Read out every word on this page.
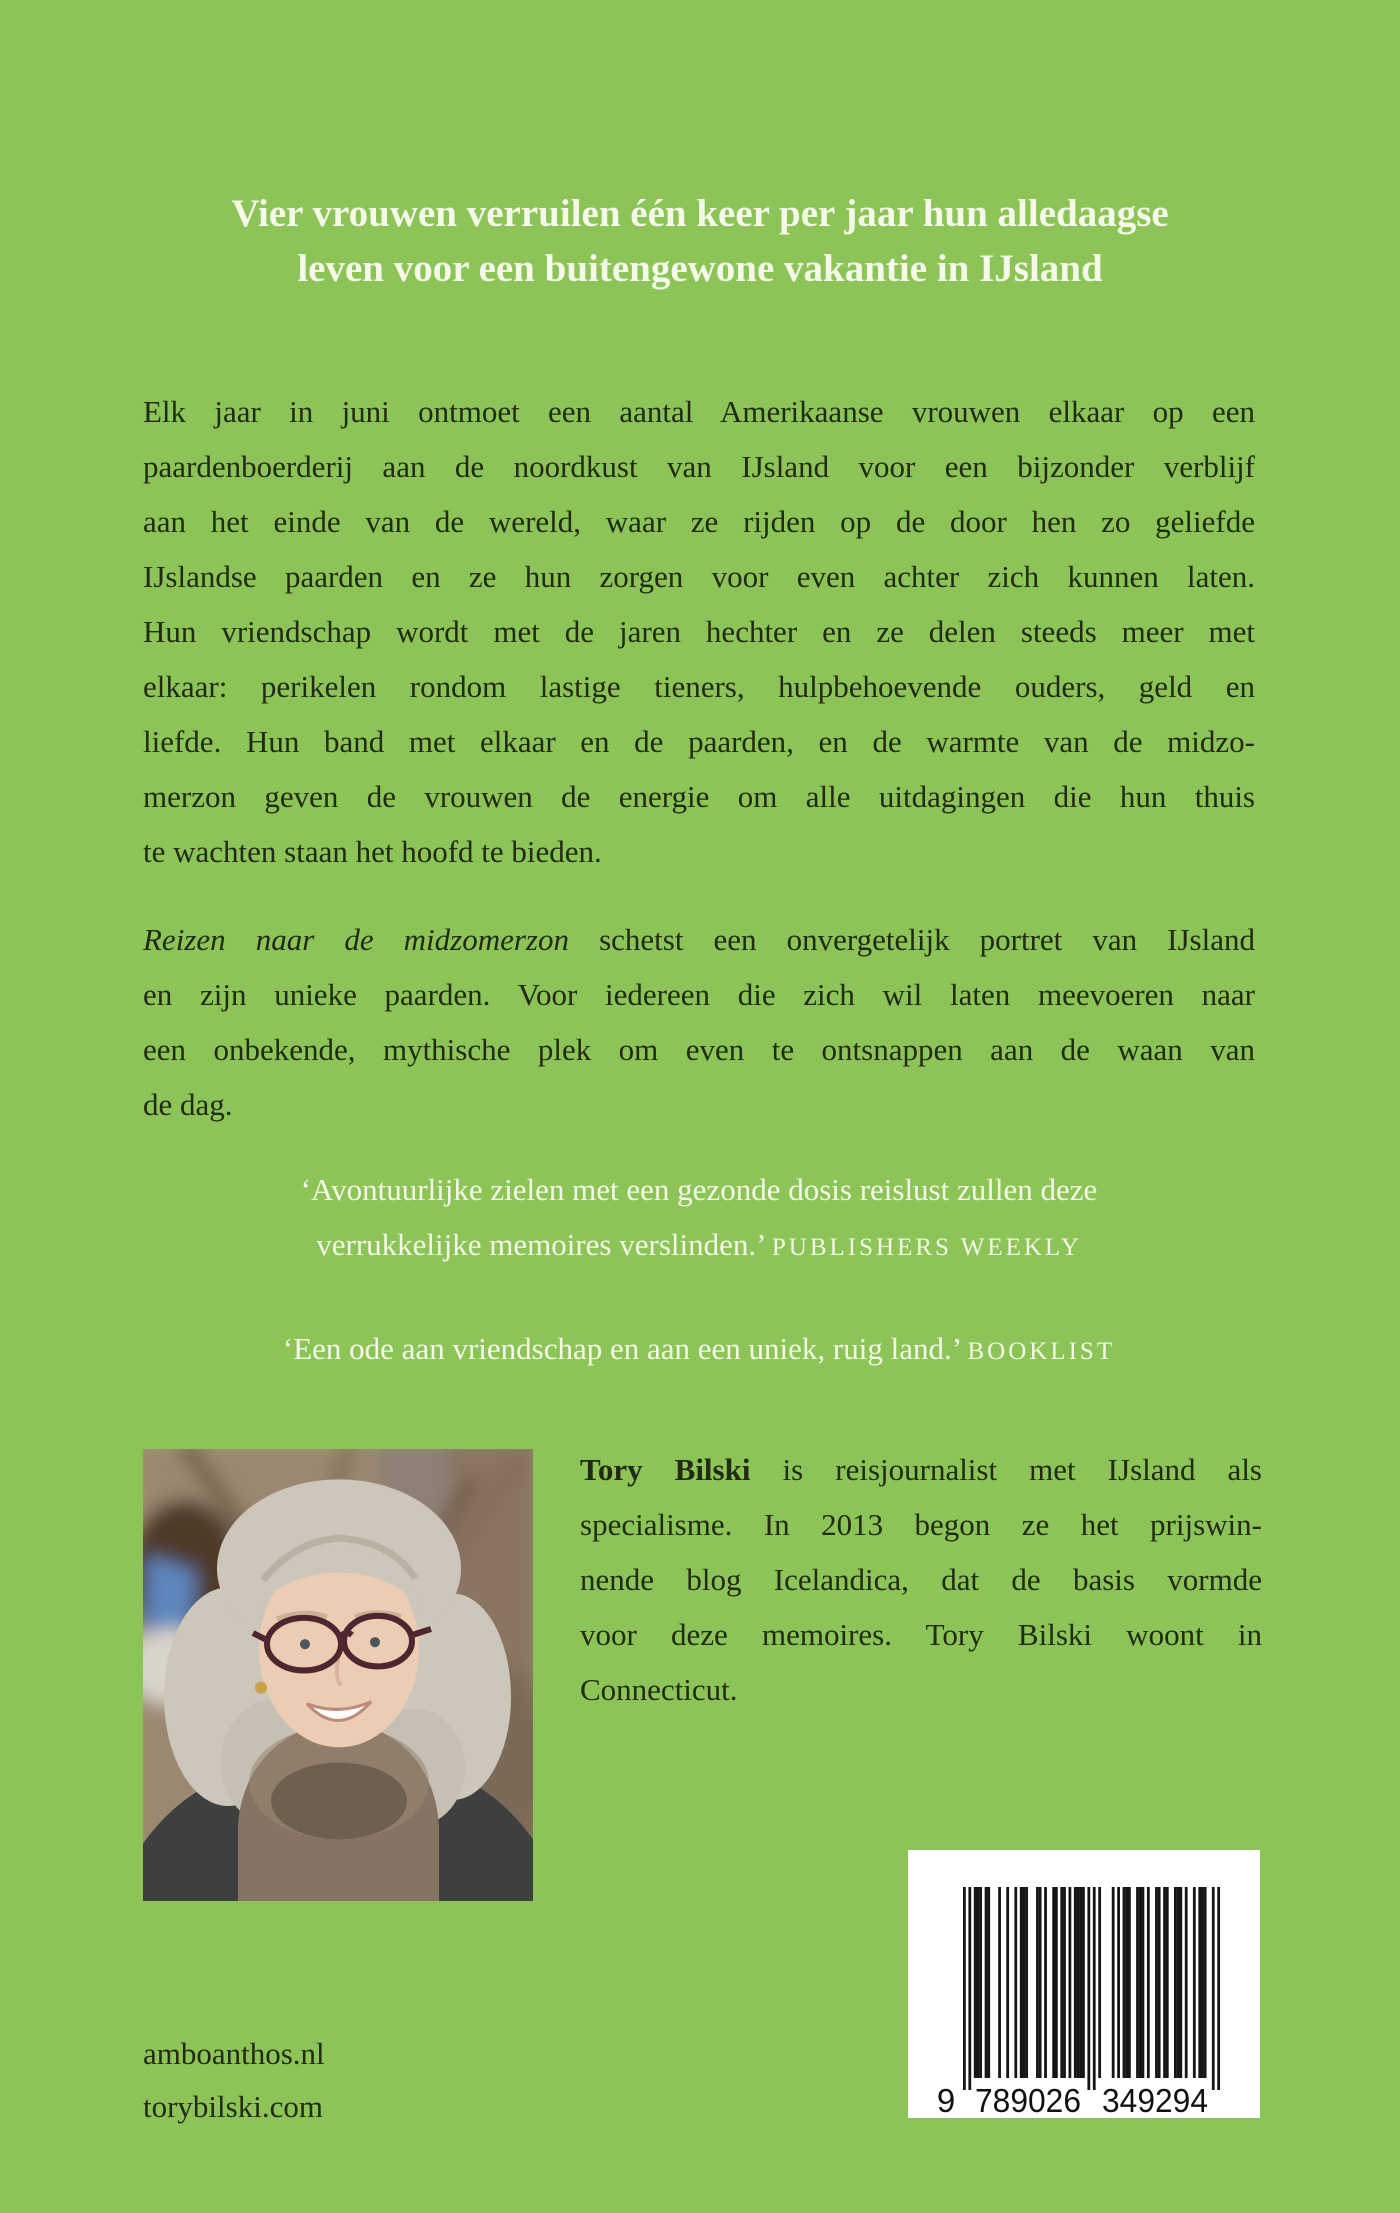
Vier vrouwen verruilen één keer per jaar hun alledaagse
leven voor een buitengewone vakantie in IJsland
Elk jaar in juni ontmoet een aantal Amerikaanse vrouwen elkaar op een
paardenboerderij aan de noordkust van IJsland voor een bijzonder verblijf
aan het einde van de wereld, waar ze rijden op de door hen zo geliefde
IJslandse paarden en ze hun zorgen voor even achter zich kunnen laten.
Hun vriendschap wordt met de jaren hechter en ze delen steeds meer met
elkaar: perikelen rondom lastige tieners, hulpbehoevende ouders, geld en
liefde. Hun band met elkaar en de paarden, en de warmte van de midzo-
merzon geven de vrouwen de energie om alle uitdagingen die hun thuis
te wachten staan het hoofd te bieden.
Reizen naar de midzomerzon schetst een onvergetelijk portret van IJsland
en zijn unieke paarden. Voor iedereen die zich wil laten meevoeren naar
een onbekende, mythische plek om even te ontsnappen aan de waan van
de dag.
‘Avontuurlijke zielen met een gezonde dosis reislust zullen deze
verrukkelijke memoires verslinden.’ PUBLISHERS WEEKLY
‘Een ode aan vriendschap en aan een uniek, ruig land.’ BOOKLIST
Tory Bilski is reisjournalist met IJsland als
specialisme. In 2013 begon ze het prijswin-
nende blog Icelandica, dat de basis vormde
voor deze memoires. Tory Bilski woont in
Connecticut.
amboanthos.nl
torybilski.com	9 789026 349294
